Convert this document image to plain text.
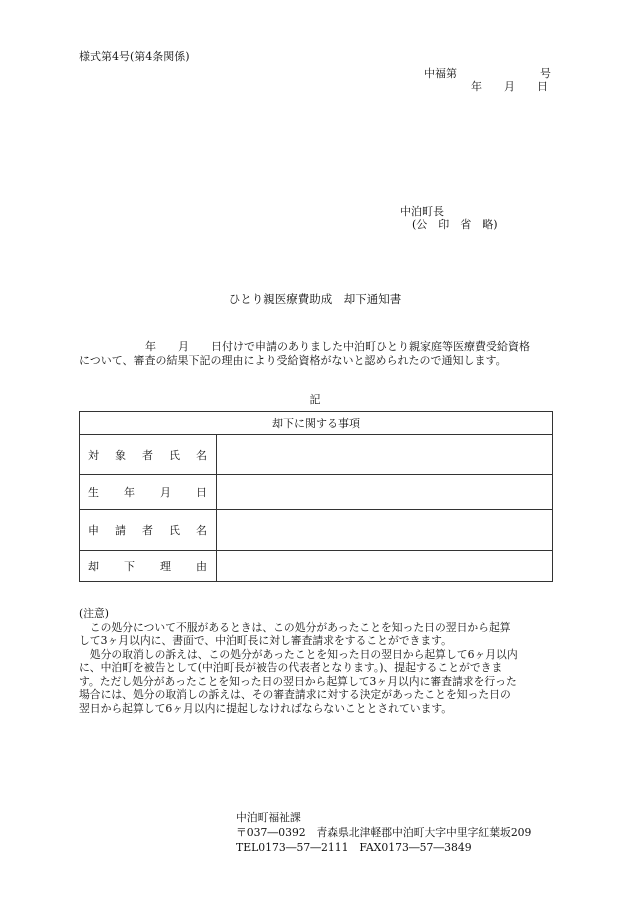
様式第4号(第4条関係)
中福第	号
年　　月　　日
中泊町長
(公　印　省　略)
ひとり親医療費助成　却下通知書

　　　　　　年　　月　　日付けで申請のありました中泊町ひとり親家庭等医療費受給資格

について、審査の結果下記の理由により受給資格がないと認められたので通知します。

記
却下に関する事項	
対象者氏名	
生年月日	
申請者氏名	
却下理由	

(注意)

　この処分について不服があるときは、この処分があったことを知った日の翌日から起算

して3ヶ月以内に、書面で、中泊町長に対し審査請求をすることができます。

　処分の取消しの訴えは、この処分があったことを知った日の翌日から起算して6ヶ月以内

に、中泊町を被告として(中泊町長が被告の代表者となります。)、提起することができま

す。ただし処分があったことを知った日の翌日から起算して3ヶ月以内に審査請求を行った

場合には、処分の取消しの訴えは、その審査請求に対する決定があったことを知った日の

翌日から起算して6ヶ月以内に提起しなければならないこととされています。

中泊町福祉課

〒037―0392　青森県北津軽郡中泊町大字中里字紅葉坂209

TEL0173―57―2111　FAX0173―57―3849
